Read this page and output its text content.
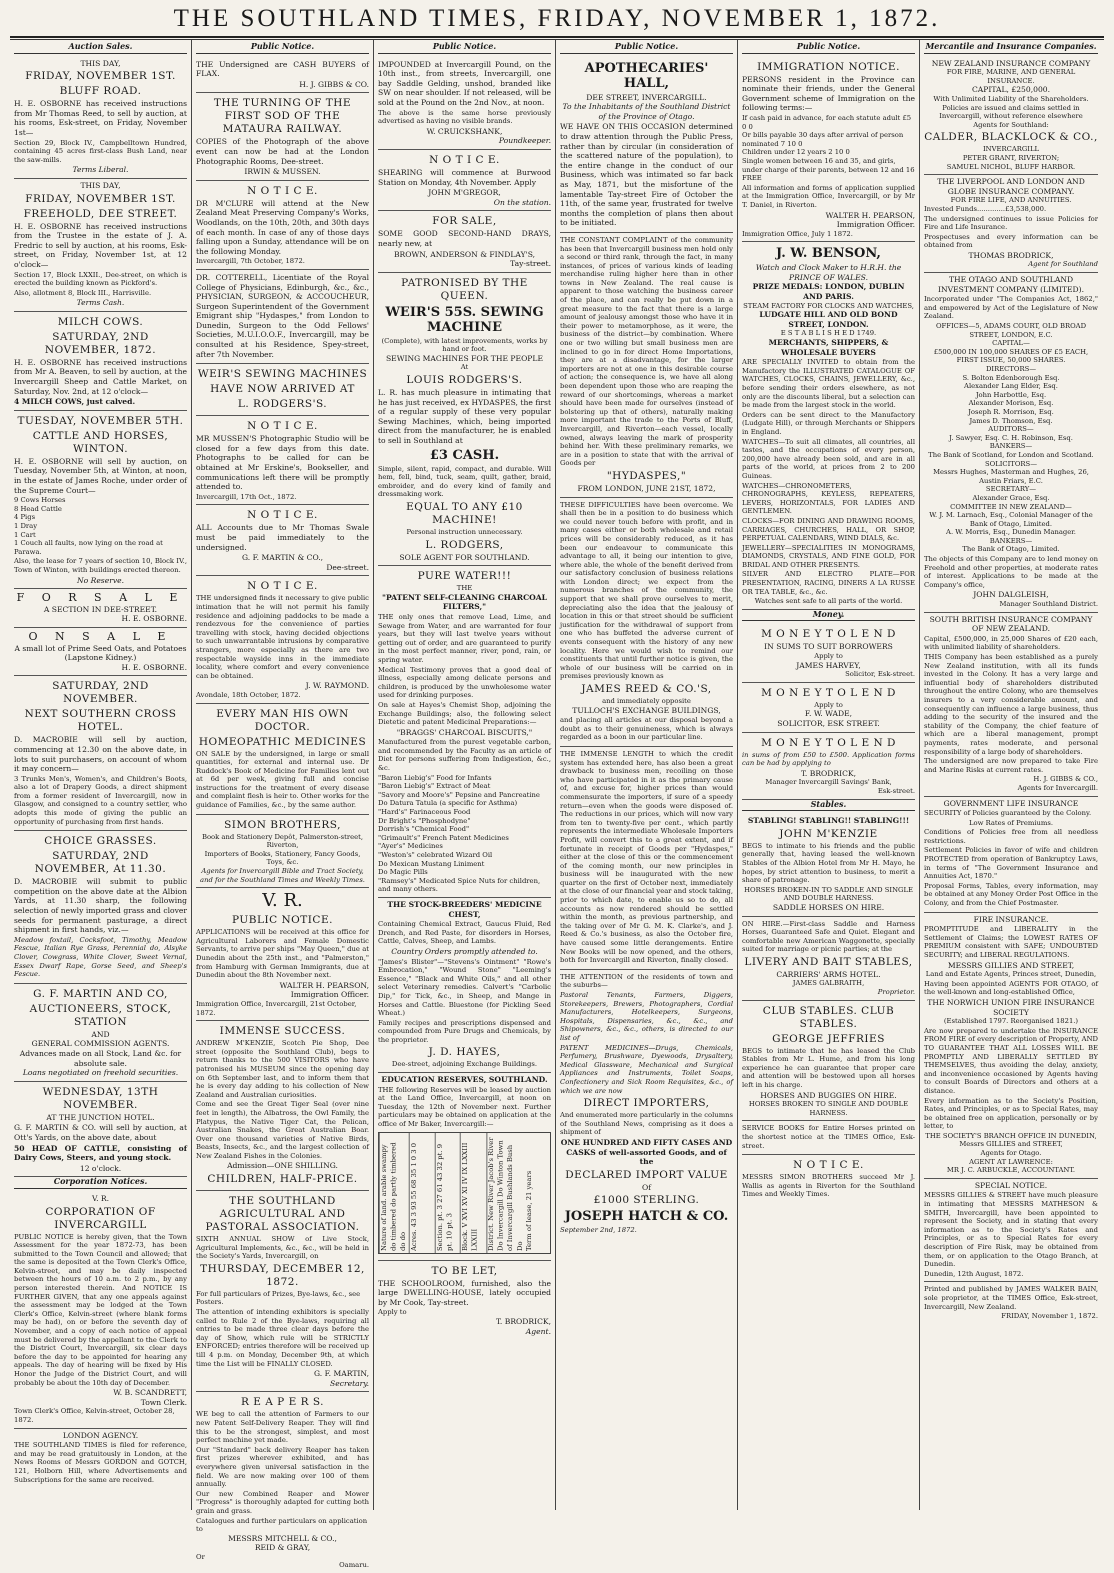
THE SOUTHLAND TIMES, FRIDAY, NOVEMBER 1, 1872.
Auction Sales.
THIS DAY,
FRIDAY, NOVEMBER 1ST.
BLUFF ROAD.

H. E. OSBORNE has received instructions from Mr Thomas Reed, to sell by auction, at his rooms, Esk-street, on Friday, November 1st—

Section 29, Block IV., Campbelltown Hundred, containing 45 acres first-class Bush Land, near the saw-mills.

Terms Liberal.
THIS DAY,
FRIDAY, NOVEMBER 1ST.
FREEHOLD, DEE STREET.

H. E. OSBORNE has received instructions from the Trustee in the estate of J. A. Fredric to sell by auction, at his rooms, Esk-street, on Friday, November 1st, at 12 o'clock—

Section 17, Block LXXII., Dee-street, on which is erected the building known as Pickford's.

Also, allotment 8, Block III., Harrisville.

Terms Cash.
MILCH COWS.
SATURDAY, 2ND NOVEMBER, 1872.

H. E. OSBORNE has received instructions from Mr A. Beaven, to sell by auction, at the Invercargill Sheep and Cattle Market, on Saturday, Nov. 2nd, at 12 o'clock—

4 MILCH COWS, just calved.
TUESDAY, NOVEMBER 5TH.
CATTLE AND HORSES, WINTON.

H. E. OSBORNE will sell by auction, on Tuesday, November 5th, at Winton, at noon, in the estate of James Roche, under order of the Supreme Court—

9 Cows Horses
8 Head Cattle
4 Pigs
1 Dray
1 Cart
1 Couch all faults, now lying on the road at Parawa.

Also, the lease for 7 years of section 10, Block IV., Town of Winton, with buildings erected thereon.

No Reserve.
F O R S A L E
A SECTION IN DEE-STREET.
H. E. OSBORNE.
O N S A L E
A small lot of Prime Seed Oats, and Potatoes (Lapstone Kidney.)
H. E. OSBORNE.
SATURDAY, 2ND NOVEMBER.
NEXT SOUTHERN CROSS HOTEL.

D. MACROBIE will sell by auction, commencing at 12.30 on the above date, in lots to suit purchasers, on account of whom it may concern—

3 Trunks Men's, Women's, and Children's Boots, also a lot of Drapery Goods, a direct shipment from a former resident of Invercargill, now in Glasgow, and consigned to a country settler, who adopts this mode of giving the public an opportunity of purchasing from first hands.

CHOICE GRASSES.
SATURDAY, 2ND NOVEMBER, At 11.30.

D. MACROBIE will submit to public competition on the above date at the Albion Yards, at 11.30 sharp, the following selection of newly imported grass and clover seeds for permanent pasturage, a direct shipment in first hands, viz.—

Meadow foxtail, Cocksfoot, Timothy, Meadow Fescue, Italian Rye Grass, Perennial do, Alsyke Clover, Cowgrass, White Clover, Sweet Vernal, Essex Dwarf Rape, Gorse Seed, and Sheep's Fescue.

G. F. MARTIN AND CO,
AUCTIONEERS, STOCK, STATION
AND
GENERAL COMMISSION AGENTS.
Advances made on all Stock, Land &c. for absolute sale.
Loans negotiated on freehold securities.
WEDNESDAY, 13TH NOVEMBER.
AT THE JUNCTION HOTEL.

G. F. MARTIN & CO. will sell by auction, at Ott's Yards, on the above date, about

50 HEAD OF CATTLE, consisting of Dairy Cows, Steers, and young stock.

12 o'clock.
Corporation Notices.
V. R.
CORPORATION OF INVERCARGILL

PUBLIC NOTICE is hereby given, that the Town Assessment for the year 1872-73, has been submitted to the Town Council and allowed; that the same is deposited at the Town Clerk's Office, Kelvin-street, and may be daily inspected between the hours of 10 a.m. to 2 p.m., by any person interested therein. And NOTICE IS FURTHER GIVEN, that any one appeals against the assessment may be lodged at the Town Clerk's Office, Kelvin-street (where blank forms may be had), on or before the seventh day of November, and a copy of each notice of appeal must be delivered by the appellant to the Clerk to the District Court, Invercargill, six clear days before the day to be appointed for hearing any appeals. The day of hearing will be fixed by His Honor the Judge of the District Court, and will probably be about the 10th day of December.

W. B. SCANDRETT,
Town Clerk.
Town Clerk's Office, Kelvin-street, October 28, 1872.
LONDON AGENCY.

THE SOUTHLAND TIMES is filed for reference, and may be read gratuitously in London, at the News Rooms of Messrs GORDON and GOTCH, 121, Holborn Hill, where Advertisements and Subscriptions for the same are received.

Public Notice.

THE Undersigned are CASH BUYERS of FLAX.

H. J. GIBBS & CO.
THE TURNING OF THE FIRST SOD OF THE MATAURA RAILWAY.

COPIES of the Photograph of the above event can now be had at the London Photographic Rooms, Dee-street.

IRWIN & MUSSEN.
N O T I C E.

DR M'CLURE will attend at the New Zealand Meat Preserving Company's Works, Woodlands, on the 10th, 20th, and 30th days of each month. In case of any of those days falling upon a Sunday, attendance will be on the following Monday.

Invercargill, 7th October, 1872.

DR. COTTERELL, Licentiate of the Royal College of Physicians, Edinburgh, &c., &c., PHYSICIAN, SURGEON, & ACCOUCHEUR, Surgeon Superintendent of the Government Emigrant ship "Hydaspes," from London to Dunedin, Surgeon to the Odd Fellows' Societies, M.U.I.O.O.F., Invercargill, may be consulted at his Residence, Spey-street, after 7th November.

WEIR'S SEWING MACHINES
HAVE NOW ARRIVED AT
L. RODGERS'S.
N O T I C E.

MR MUSSEN'S Photographic Studio will be closed for a few days from this date. Photographs to be called for can be obtained at Mr Erskine's, Bookseller, and communications left there will be promptly attended to.

Invercargill, 17th Oct., 1872.
N O T I C E.

ALL Accounts due to Mr Thomas Swale must be paid immediately to the undersigned.

G. F. MARTIN & CO.,
Dee-street.
N O T I C E.

THE undersigned finds it necessary to give public intimation that he will not permit his family residence and adjoining paddocks to be made a rendezvous for the convenience of parties travelling with stock, having decided objections to such unwarrantable intrusions by comparative strangers, more especially as there are two respectable wayside inns in the immediate locality, where comfort and every convenience can be obtained.

J. W. RAYMOND.
Avondale, 18th October, 1872.
EVERY MAN HIS OWN DOCTOR.
HOMEOPATHIC MEDICINES

ON SALE by the undersigned, in large or small quantities, for external and internal use. Dr Ruddock's Book of Medicine for Families lent out at 6d per week, giving full and concise instructions for the treatment of every disease and complaint flesh is heir to. Other works for the guidance of Families, &c., by the same author.

SIMON BROTHERS,
Book and Stationery Depôt, Palmerston-street, Riverton,
Importers of Books, Stationery, Fancy Goods, Toys, &c.
Agents for Invercargill Bible and Tract Society, and for the Southland Times and Weekly Times.
V. R.
PUBLIC NOTICE.

APPLICATIONS will be received at this office for Agricultural Laborers and Female Domestic Servants, to arrive per ships "May Queen," due at Dunedin about the 25th inst., and "Palmerston," from Hamburg with German Immigrants, due at Dunedin about the 8th November next.

WALTER H. PEARSON,
Immigration Officer.
Immigration Office, Invercargill, 21st October, 1872.
IMMENSE SUCCESS.

ANDREW M'KENZIE, Scotch Pie Shop, Dee street (opposite the Southland Club), begs to return thanks to the 500 VISITORS who have patronised his MUSEUM since the opening day on 6th September last, and to inform them that he is every day adding to his collection of New Zealand and Australian curiosities.

Come and see the Great Tiger Seal (over nine feet in length), the Albatross, the Owl Family, the Platypus, the Native Tiger Cat, the Pelican, Australian Snakes, the Great Australian Boar. Over one thousand varieties of Native Birds, Beasts, Insects, &c., and the largest collection of New Zealand Fishes in the Colonies.

Admission—ONE SHILLING.
CHILDREN, HALF-PRICE.
THE SOUTHLAND AGRICULTURAL AND PASTORAL ASSOCIATION.

SIXTH ANNUAL SHOW of Live Stock, Agricultural Implements, &c., &c., will be held in the Society's Yards, Invercargill, on

THURSDAY, DECEMBER 12, 1872.
For full particulars of Prizes, Bye-laws, &c., see Posters.

The attention of intending exhibitors is specially called to Rule 2 of the Bye-laws, requiring all entries to be made three clear days before the day of Show, which rule will be STRICTLY ENFORCED; entries therefore will be received up till 4 p.m. on Monday, December 9th, at which time the List will be FINALLY CLOSED.

G. F. MARTIN,
Secretary.
R E A P E R S.

WE beg to call the attention of Farmers to our new Patent Self-Delivery Reaper. They will find this to be the strongest, simplest, and most perfect machine yet made.

Our "Standard" back delivery Reaper has taken first prizes wherever exhibited, and has everywhere given universal satisfaction in the field. We are now making over 100 of them annually.

Our new Combined Reaper and Mower "Progress" is thoroughly adapted for cutting both grain and grass.

Catalogues and further particulars on application to
MESSRS MITCHELL & CO.,
REID & GRAY,
Or
Oamaru.
Public Notice.

IMPOUNDED at Invercargill Pound, on the 10th inst., from streets, Invercargill, one bay Saddle Gelding, unshod, branded like SW on near shoulder. If not released, will be sold at the Pound on the 2nd Nov., at noon.

The above is the same horse previously advertised as having no visible brands.

W. CRUICKSHANK,
Poundkeeper.
N O T I C E.

SHEARING will commence at Burwood Station on Monday, 4th November. Apply

JOHN M'GREGOR,
On the station.
FOR SALE,

SOME GOOD SECOND-HAND DRAYS, nearly new, at

BROWN, ANDERSON & FINDLAY'S,
Tay-street.
PATRONISED BY THE QUEEN.
WEIR'S 55S. SEWING MACHINE
(Complete), with latest improvements, works by hand or foot.
SEWING MACHINES FOR THE PEOPLE
At
LOUIS RODGERS'S.

L. R. has much pleasure in intimating that he has just received, ex HYDASPES, the first of a regular supply of these very popular Sewing Machines, which, being imported direct from the manufacturer, he is enabled to sell in Southland at

£3 CASH.

Simple, silent, rapid, compact, and durable. Will hem, fell, bind, tuck, seam, quilt, gather, braid, embroider, and do every kind of family and dressmaking work.

EQUAL TO ANY £10 MACHINE!
Personal instruction unnecessary.
L. RODGERS,
SOLE AGENT FOR SOUTHLAND.
PURE WATER!!!
THE
"PATENT SELF-CLEANING CHARCOAL FILTERS,"

THE only ones that remove Lead, Lime, and Sewage from Water, and are warranted for four years, but they will last twelve years without getting out of order, and are guaranteed to purify in the most perfect manner, river, pond, rain, or spring water.

Medical Testimony proves that a good deal of illness, especially among delicate persons and children, is produced by the unwholesome water used for drinking purposes.

On sale at Hayes's Chemist Shop, adjoining the Exchange Buildings; also, the following select Dietetic and patent Medicinal Preparations:—

"BRAGGS' CHARCOAL BISCUITS,"

Manufactured from the purest vegetable carbon, and recommended by the Faculty as an article of Diet for persons suffering from Indigestion, &c., &c.

"Baron Liebig's" Food for Infants
"Baron Liebig's" Extract of Meat
"Savory and Moore's" Pepsine and Pancreatine
Do Datura Tatula (a specific for Asthma)
"Hard's" Farinaceous Food
Dr Bright's "Phosphodyne"
Dorrish's "Chemical Food"
"Grimault's" French Patent Medicines
"Ayer's" Medicines
"Weston's" celebrated Wizard Oil
Do Mexican Mustang Liniment
Do Magic Pills
"Ramsey's" Medicated Spice Nuts for children, and many others.
THE STOCK-BREEDERS' MEDICINE CHEST,

Containing Chemical Extract, Gaucus Fluid, Red Drench, and Red Paste, for disorders in Horses, Cattle, Calves, Sheep, and Lambs.

Country Orders promptly attended to.

"James's Blister"—"Stevens's Ointment" "Rowe's Embrocation," "Wound Stone" "Leeming's Essence," "Black and White Oils," and all other select Veterinary remedies. Calvert's "Carbolic Dip," for Tick, &c., in Sheep, and Mange in Horses and Cattle. Bluestone (for Pickling Seed Wheat.)

Family recipes and prescriptions dispensed and compounded from Pure Drugs and Chemicals, by the proprietor.

J. D. HAYES,
Dee-street, adjoining Exchange Buildings.
EDUCATION RESERVES, SOUTHLAND.

THE following Reserves will be leased by auction at the Land Office, Invercargill, at noon on Tuesday, the 12th of November next. Further particulars may be obtained on application at the office of Mr Baker, Invercargill:—

Nature of land. arable swampy do timbered do partly timbered do do Acres. 43 3 93 55 68 35 1 0 3 0	Section. pt. 3 27 61 43 32 pt. 9 pt. 10 pt. 3	Block. V XVI XV XI IV IX LXXIII LXXIII	District. New River Jacob's River Do Invercargill Do Winton Town of Invercargill Bushlands Bush Do Term of lease, 21 years
TO BE LET,

THE SCHOOLROOM, furnished, also the large DWELLING-HOUSE, lately occupied by Mr Cook, Tay-street.

Apply to
T. BRODRICK,
Agent.
Public Notice.
APOTHECARIES' HALL,
DEE STREET, INVERCARGILL.
To the Inhabitants of the Southland District of the Province of Otago.

WE HAVE ON THIS OCCASION determined to draw attention through the Public Press, rather than by circular (in consideration of the scattered nature of the population), to the entire change in the conduct of our Business, which was intimated so far back as May, 1871, but the misfortune of the lamentable Tay-street Fire of October the 11th, of the same year, frustrated for twelve months the completion of plans then about to be initiated.

THE CONSTANT COMPLAINT of the community has been that Invercargill business men hold only a second or third rank, through the fact, in many instances, of prices of various kinds of leading merchandise ruling higher here than in other towns in New Zealand. The real cause is apparent to those watching the business career of the place, and can really be put down in a great measure to the fact that there is a large amount of jealousy amongst those who have it in their power to metamorphose, as it were, the business of the district—by combination. Where one or two willing but small business men are inclined to go in for direct Home Importations, they are at a disadvantage, for the larger importers are not at one in this desirable course of action; the consequence is, we have all along been dependent upon those who are reaping the reward of our shortcomings, whereas a market should have been made for ourselves (instead of bolstering up that of others), naturally making more important the trade to the Ports of Bluff, Invercargill, and Riverton—each vessel, locally owned, always leaving the mark of prosperity behind her. With these preliminary remarks, we are in a position to state that with the arrival of Goods per

"HYDASPES,"
FROM LONDON, JUNE 21ST, 1872,

THESE DIFFICULTIES have been overcome. We shall then be in a position to do business which we could never touch before with profit, and in many cases either or both wholesale and retail prices will be considerably reduced, as it has been our endeavour to communicate this advantage to all, it being our intention to give, where able, the whole of the benefit derived from our satisfactory conclusion of business relations with London direct; we expect from the numerous branches of the community, the support that we shall prove ourselves to merit, depreciating also the idea that the jealousy of location in this or that street should be sufficient justification for the withdrawal of support from one who has buffeted the adverse current of events consequent with the history of any new locality. Here we would wish to remind our constituents that until further notice is given, the whole of our business will be carried on in premises previously known as

JAMES REED & CO.'S,
and immediately opposite
TULLOCH'S EXCHANGE BUILDINGS,

and placing all articles at our disposal beyond a doubt as to their genuineness, which is always regarded as a boon in our particular line.

THE IMMENSE LENGTH to which the credit system has extended here, has also been a great drawback to business men, recoiling on those who have participated in it as the primary cause of, and excuse for, higher prices than would commensurate the importers, if sure of a speedy return—even when the goods were disposed of. The reductions in our prices, which will now vary from ten to twenty-five per cent., which partly represents the intermediate Wholesale Importers Profit, will convert this to a great extent, and if fortunate in receipt of Goods per "Hydaspes," either at the close of this or the commencement of the coming month, our new principles in business will be inaugurated with the new quarter on the first of October next, immediately at the close of our financial year and stock taking, prior to which date, to enable us so to do, all accounts as now rendered should be settled within the month, as previous partnership, and the taking over of Mr G. M. K. Clarke's, and J. Reed & Co.'s business, as also the October fire, have caused some little derangements. Entire New Books will be now opened, and the others, both for Invercargill and Riverton, finally closed.

THE ATTENTION of the residents of town and the suburbs—

Pastoral Tenants, Farmers, Diggers, Storekeepers, Brewers, Photographers, Cordial Manufacturers, Hotelkeepers, Surgeons, Hospitals, Dispensaries, &c., &c., and Shipowners, &c., &c., others, is directed to our list of

PATENT MEDICINES—Drugs, Chemicals, Perfumery, Brushware, Dyewoods, Drysaltery, Medical Glassware, Mechanical and Surgical Appliances and Instruments, Toilet Soaps, Confectionery and Sick Room Requisites, &c., of which we are now

DIRECT IMPORTERS,

And enumerated more particularly in the columns of the Southland News, comprising as it does a shipment of

ONE HUNDRED AND FIFTY CASES AND CASKS of well-assorted Goods, and of the
DECLARED IMPORT VALUE
Of
£1000 STERLING.
JOSEPH HATCH & CO.
September 2nd, 1872.
Public Notice.
IMMIGRATION NOTICE.

PERSONS resident in the Province can nominate their friends, under the General Government scheme of Immigration on the following terms:—

If cash paid in advance, for each statute adult £5 0 0
Or bills payable 30 days after arrival of person nominated 7 10 0
Children under 12 years 2 10 0
Single women between 16 and 35, and girls, under charge of their parents, between 12 and 16 FREE

All information and forms of application supplied at the Immigration Office, Invercargill, or by Mr T. Daniel, in Riverton.

WALTER H. PEARSON,
Immigration Officer.
Immigration Office, July 1 1872.
J. W. BENSON,
Watch and Clock Maker to H.R.H. the PRINCE OF WALES.
PRIZE MEDALS: LONDON, DUBLIN AND PARIS.
STEAM FACTORY FOR CLOCKS AND WATCHES,
LUDGATE HILL AND OLD BOND STREET, LONDON.
E S T A B L I S H E D 1749.
MERCHANTS, SHIPPERS, & WHOLESALE BUYERS

ARE SPECIALLY INVITED to obtain from the Manufactory the ILLUSTRATED CATALOGUE OF WATCHES, CLOCKS, CHAINS, JEWELLERY, &c., before sending their orders elsewhere, as not only are the discounts liberal, but a selection can be made from the largest stock in the world.

Orders can be sent direct to the Manufactory (Ludgate Hill), or through Merchants or Shippers in England.

WATCHES—To suit all climates, all countries, all tastes, and the occupations of every person, 200,000 have already been sold, and are in all parts of the world, at prices from 2 to 200 Guineas.

WATCHES—CHRONOMETERS, CHRONOGRAPHS, KEYLESS, REPEATERS, LEVERS, HORIZONTALS, FOR LADIES AND GENTLEMEN.

CLOCKS—FOR DINING AND DRAWING ROOMS, CARRIAGES, CHURCHES, HALL, OR SHOP, PERPETUAL CALENDARS, WIND DIALS, &c.

JEWELLERY—SPECIALITIES IN MONOGRAMS, DIAMONDS, CRYSTALS, AND FINE GOLD, FOR BRIDAL AND OTHER PRESENTS.

SILVER AND ELECTRO PLATE—FOR PRESENTATION, RACING, DINERS A LA RUSSE OR TEA TABLE, &c., &c.

Watches sent safe to all parts of the world.
Money.
M O N E Y T O L E N D
IN SUMS TO SUIT BORROWERS
Apply to
JAMES HARVEY,
Solicitor, Esk-street.
M O N E Y T O L E N D
Apply to
F. W. WADE,
SOLICITOR, ESK STREET.
M O N E Y T O L E N D

in sums of from £50 to £500. Application forms can be had by applying to

T. BRODRICK,
Manager Invercargill Savings' Bank,
Esk-street.
Stables.
STABLING! STABLING!! STABLING!!!
JOHN M'KENZIE

BEGS to intimate to his friends and the public generally that, having leased the well-known Stables of the Albion Hotel from Mr H. Mayo, he hopes, by strict attention to business, to merit a share of patronage.

HORSES BROKEN-IN TO SADDLE AND SINGLE AND DOUBLE HARNESS.
SADDLE HORSES ON HIRE.

ON HIRE.—First-class Saddle and Harness Horses, Guaranteed Safe and Quiet. Elegant and comfortable new American Waggonette, specially suited for marriage or picnic parties; at the

LIVERY AND BAIT STABLES,
CARRIERS' ARMS HOTEL.
JAMES GALBRAITH,
Proprietor.
CLUB STABLES. CLUB STABLES.
GEORGE JEFFRIES

BEGS to intimate that he has leased the Club Stables from Mr L. Hume, and from his long experience he can guarantee that proper care and attention will be bestowed upon all horses left in his charge.

HORSES AND BUGGIES ON HIRE.
HORSES BROKEN TO SINGLE AND DOUBLE HARNESS.

SERVICE BOOKS for Entire Horses printed on the shortest notice at the TIMES Office, Esk-street.

N O T I C E.

MESSRS SIMON BROTHERS succeed Mr J. Wallis as agents in Riverton for the Southland Times and Weekly Times.

Mercantile and Insurance Companies.
NEW ZEALAND INSURANCE COMPANY
FOR FIRE, MARINE, AND GENERAL INSURANCE.
CAPITAL, £250,000.
With Unlimited Liability of the Shareholders.
Policies are issued and claims settled in Invercargill, without reference elsewhere
Agents for Southland:
CALDER, BLACKLOCK & CO.,
INVERCARGILL
PETER GRANT, RIVERTON;
SAMUEL NICHOL, BLUFF HARBOR.
THE LIVERPOOL AND LONDON AND GLOBE INSURANCE COMPANY.
FOR FIRE LIFE, AND ANNUITIES.
Invested Funds.............£3,538,000.

The undersigned continues to issue Policies for Fire and Life Insurance.

Prospectuses and every information can be obtained from

THOMAS BRODRICK,
Agent for Southland
THE OTAGO AND SOUTHLAND INVESTMENT COMPANY (LIMITED).

Incorporated under "The Companies Act, 1862," and empowered by Act of the Legislature of New Zealand.

OFFICES—5, ADAMS COURT, OLD BROAD STREET, LONDON, E.C.
CAPITAL—
£500,000 IN 100,000 SHARES OF £5 EACH,
FIRST ISSUE, 50,000 SHARES.
DIRECTORS—
S. Bolton Edenborough Esq.
Alexander Lang Elder, Esq.
John Harbottle, Esq.
Alexander Morison, Esq.
Joseph R. Morrison, Esq.
James D. Thomson, Esq.
AUDITORS—
J. Sawyer, Esq. C. H. Robinson, Esq.
BANKERS—
The Bank of Scotland, for London and Scotland.
SOLICITORS—
Messrs Hughes, Masterman and Hughes, 26, Austin Friars, E.C.
SECRETARY—
Alexander Grace, Esq.
COMMITTEE IN NEW ZEALAND—
W. J. M. Larnach, Esq., Colonial Manager of the Bank of Otago, Limited.
A. W. Morris, Esq., Dunedin Manager.
BANKERS—
The Bank of Otago, Limited.

The objects of this Company are to lend money on Freehold and other properties, at moderate rates of interest. Applications to be made at the Company's office,

JOHN DALGLEISH,
Manager Southland District.
SOUTH BRITISH INSURANCE COMPANY OF NEW ZEALAND.

Capital, £500,000, in 25,000 Shares of £20 each, with unlimited liability of shareholders.

THIS Company has been established as a purely New Zealand institution, with all its funds invested in the Colony. It has a very large and influential body of shareholders distributed throughout the entire Colony, who are themselves insurers to a very considerable amount, and consequently can influence a large business, thus adding to the security of the insured and the stability of the Company, the chief feature of which are a liberal management, prompt payments, rates moderate, and personal responsibility of a large body of shareholders.

The undersigned are now prepared to take Fire and Marine Risks at current rates.

H. J. GIBBS & CO.,
Agents for Invercargill.
GOVERNMENT LIFE INSURANCE

SECURITY of Policies guaranteed by the Colony.

Low Rates of Premiums.

Conditions of Policies free from all needless restrictions.

Settlement Policies in favor of wife and children PROTECTED from operation of Bankruptcy Laws, in terms of "The Government Insurance and Annuities Act, 1870."

Proposal Forms, Tables, every information, may be obtained at any Money Order Post Office in the Colony, and from the Chief Postmaster.

FIRE INSURANCE.

PROMPTITUDE and LIBERALITY in the Settlement of Claims; the LOWEST RATES OF PREMIUM consistent with SAFE; UNDOUBTED SECURITY; and LIBERAL REGULATIONS.

MESSRS GILLIES AND STREET,
Land and Estate Agents, Princes street, Dunedin,

Having been appointed AGENTS FOR OTAGO, of the well-known and long-established Office,

THE NORWICH UNION FIRE INSURANCE SOCIETY
(Established 1797. Reorganised 1821.)

Are now prepared to undertake the INSURANCE FROM FIRE of every description of Property, AND TO GUARANTEE THAT ALL LOSSES WILL BE PROMPTLY AND LIBERALLY SETTLED BY THEMSELVES, thus avoiding the delay, anxiety, and inconvenience occasioned by Agents having to consult Boards of Directors and others at a distance.

Every information as to the Society's Position, Rates, and Principles, or as to Special Rates, may be obtained free on application, personally or by letter, to

THE SOCIETY'S BRANCH OFFICE IN DUNEDIN,
Messrs GILLIES and STREET,
Agents for Otago.
AGENT AT LAWRENCE:
MR J. C. ARBUCKLE, ACCOUNTANT.
SPECIAL NOTICE.

MESSRS GILLIES & STREET have much pleasure in intimating that MESSRS MATHESON & SMITH, Invercargill, have been appointed to represent the Society, and in stating that every information as to the Society's Rates and Principles, or as to Special Rates for every description of Fire Risk, may be obtained from them, or on application to the Otago Branch, at Dunedin.

Dunedin, 12th August, 1872.

Printed and published by JAMES WALKER BAIN, sole proprietor, at the TIMES Office, Esk-street, Invercargill, New Zealand.

FRIDAY, November 1, 1872.
